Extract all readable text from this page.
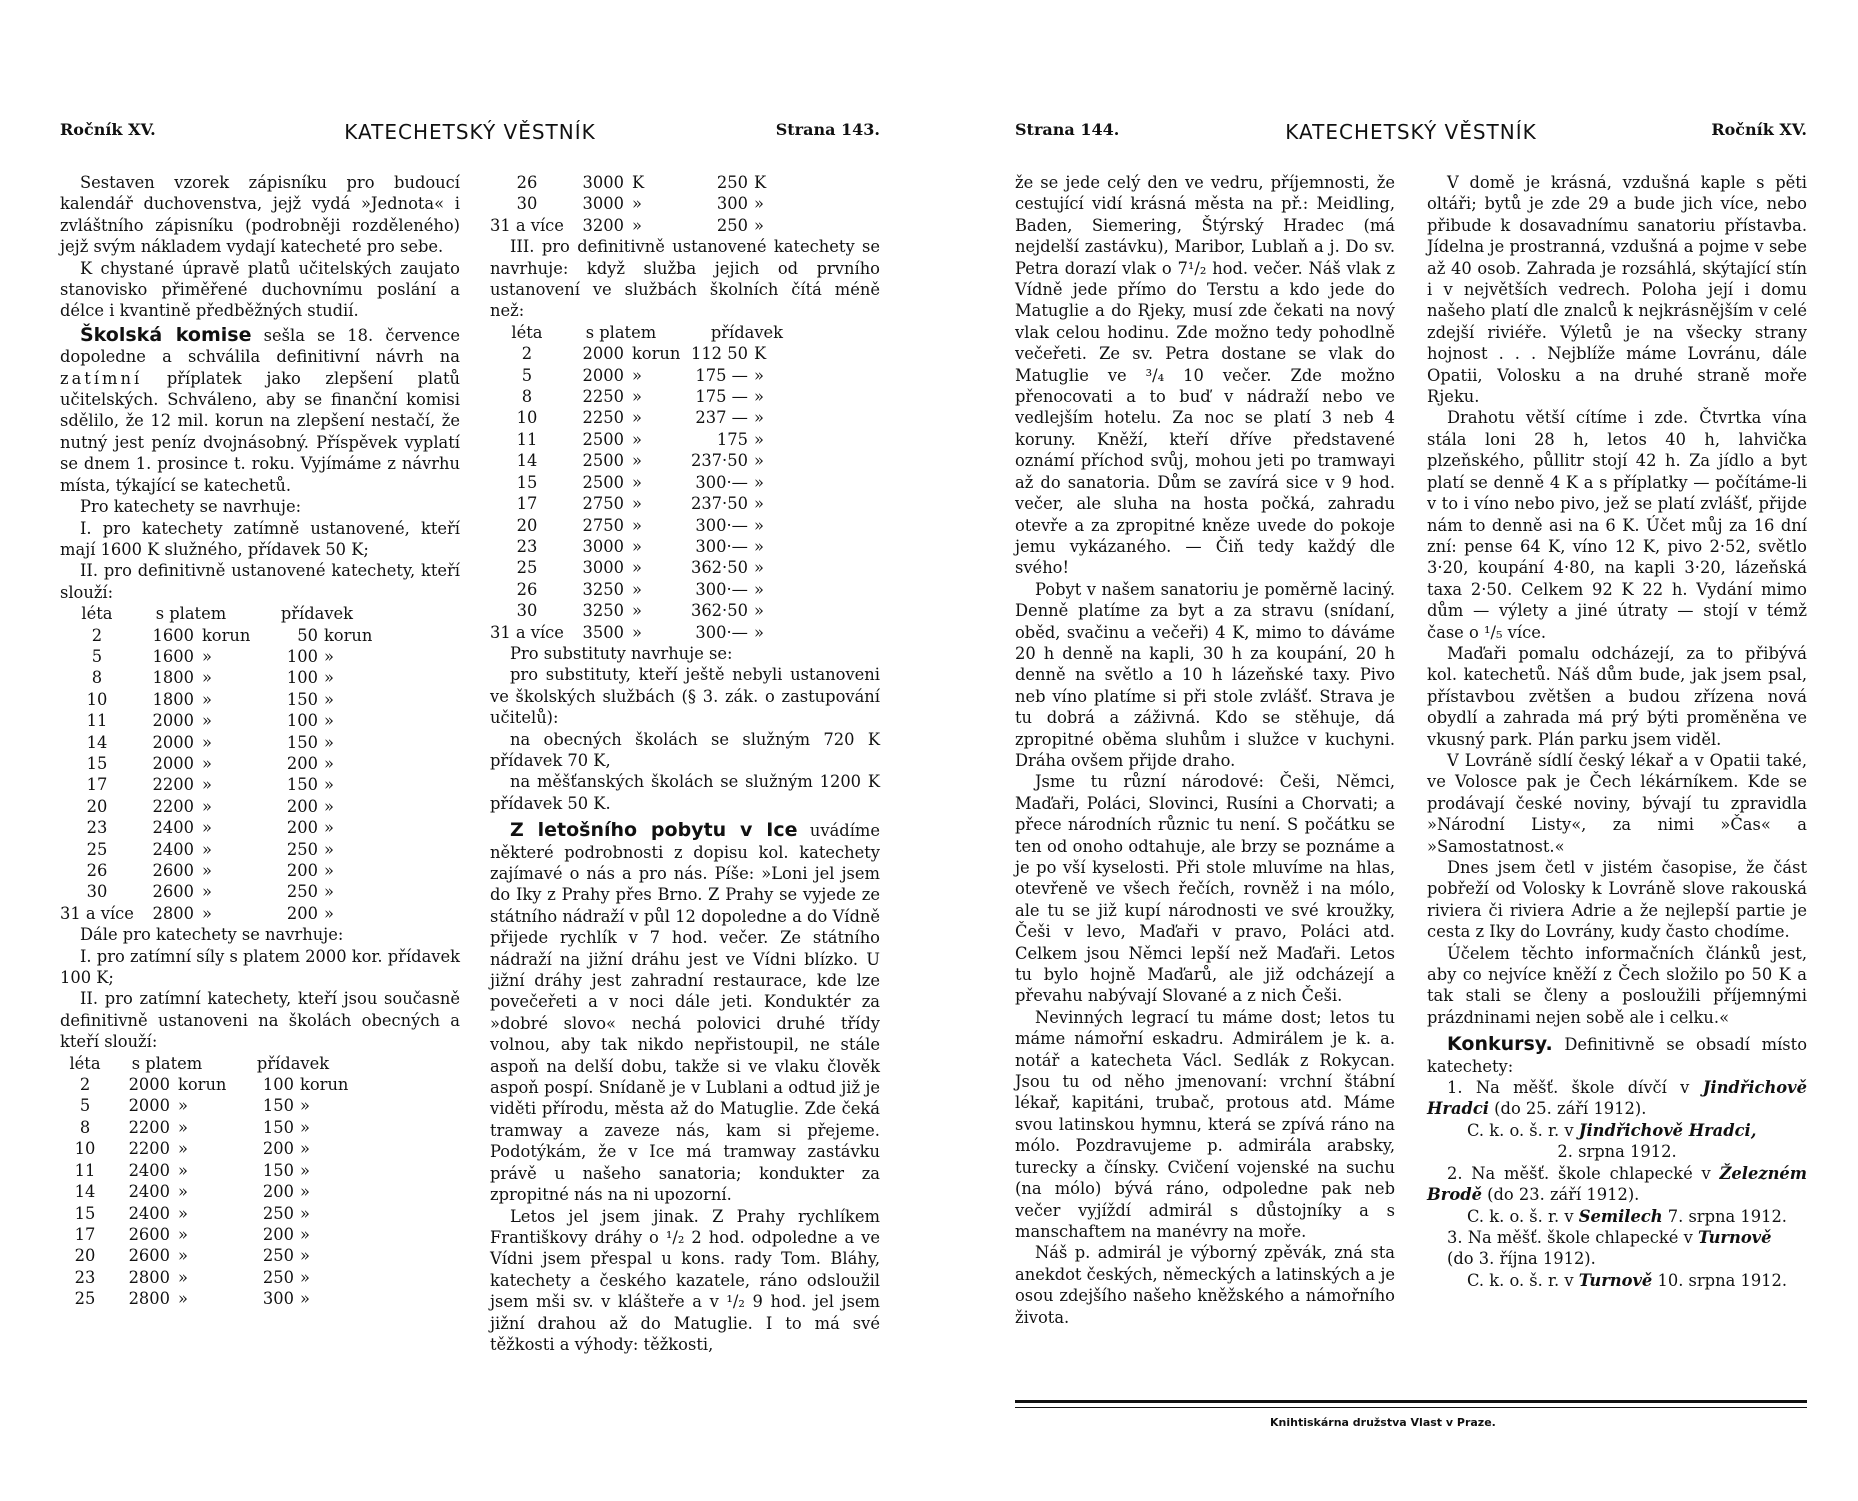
Ročník XV.	KATECHETSKÝ VĚSTNÍK	Strana 143.

Sestaven vzorek zápisníku pro budoucí kalendář duchovenstva, jejž vydá »Jednota« i zvláštního zápisníku (podrobněji rozděleného) jejž svým nákladem vydají katecheté pro sebe.

K chystané úpravě platů učitelských zaujato stanovisko přiměřené duchovnímu poslání a délce i kvantině předběžných studií.

Školská komise sešla se 18. července dopoledne a schválila definitivní návrh na zatímní příplatek jako zlepšení platů učitelských. Schváleno, aby se finanční komisi sdělilo, že 12 mil. korun na zlepšení nestačí, že nutný jest peníz dvojnásobný. Příspěvek vyplatí se dnem 1. prosince t. roku. Vyjímáme z návrhu místa, týkající se katechetů.

Pro katechety se navrhuje:

I. pro katechety zatímně ustanovené, kteří mají 1600 K služného, přídavek 50 K;

II. pro definitivně ustanovené katechety, kteří slouží:

léta	s platem		přídavek	
2	1600	korun	50	korun
5	1600	»	100	»
8	1800	»	100	»
10	1800	»	150	»
11	2000	»	100	»
14	2000	»	150	»
15	2000	»	200	»
17	2200	»	150	»
20	2200	»	200	»
23	2400	»	200	»
25	2400	»	250	»
26	2600	»	200	»
30	2600	»	250	»
31 a více	2800	»	200	»

Dále pro katechety se navrhuje:

I. pro zatímní síly s platem 2000 kor. přídavek 100 K;

II. pro zatímní katechety, kteří jsou současně definitivně ustanoveni na školách obecných a kteří slouží:

léta	s platem		přídavek	
2	2000	korun	100	korun
5	2000	»	150	»
8	2200	»	150	»
10	2200	»	200	»
11	2400	»	150	»
14	2400	»	200	»
15	2400	»	250	»
17	2600	»	200	»
20	2600	»	250	»
23	2800	»	250	»
25	2800	»	300	»
26	3000	K	250	K
30	3000	»	300	»
31 a více	3200	»	250	»

III. pro definitivně ustanovené katechety se navrhuje: když služba jejich od prvního ustanovení ve službách školních čítá méně než:

léta	s platem		přídavek	
2	2000	korun	112 50	K
5	2000	»	175 —	»
8	2250	»	175 —	»
10	2250	»	237 —	»
11	2500	»	175	»
14	2500	»	237·50	»
15	2500	»	300·—	»
17	2750	»	237·50	»
20	2750	»	300·—	»
23	3000	»	300·—	»
25	3000	»	362·50	»
26	3250	»	300·—	»
30	3250	»	362·50	»
31 a více	3500	»	300·—	»

Pro substituty navrhuje se:

pro substituty, kteří ještě nebyli ustanoveni ve školských službách (§ 3. zák. o zastupování učitelů):

na obecných školách se služným 720 K přídavek 70 K,

na měšťanských školách se služným 1200 K přídavek 50 K.

Z letošního pobytu v Ice uvádíme některé podrobnosti z dopisu kol. katechety zajímavé o nás a pro nás. Píše: »Loni jel jsem do Iky z Prahy přes Brno. Z Prahy se vyjede ze státního nádraží v půl 12 dopoledne a do Vídně přijede rychlík v 7 hod. večer. Ze státního nádraží na jižní dráhu jest ve Vídni blízko. U jižní dráhy jest zahradní restaurace, kde lze povečeřeti a v noci dále jeti. Konduktér za »dobré slovo« nechá polovici druhé třídy volnou, aby tak nikdo nepřistoupil, ne stále aspoň na delší dobu, takže si ve vlaku člověk aspoň pospí. Snídaně je v Lublani a odtud již je viděti přírodu, města až do Matuglie. Zde čeká tramway a zaveze nás, kam si přejeme. Podotýkám, že v Ice má tramway zastávku právě u našeho sanatoria; kondukter za zpropitné nás na ni upozorní.

Letos jel jsem jinak. Z Prahy rychlíkem Františkovy dráhy o ¹/₂ 2 hod. odpoledne a ve Vídni jsem přespal u kons. rady Tom. Bláhy, katechety a českého kazatele, ráno odsloužil jsem mši sv. v klášteře a v ¹/₂ 9 hod. jel jsem jižní drahou až do Matuglie. I to má své těžkosti a výhody: těžkosti,

Strana 144.	KATECHETSKÝ VĚSTNÍK	Ročník XV.

že se jede celý den ve vedru, příjemnosti, že cestující vidí krásná města na př.: Meidling, Baden, Siemering, Štýrský Hradec (má nejdelší zastávku), Maribor, Lublaň a j. Do sv. Petra dorazí vlak o 7¹/₂ hod. večer. Náš vlak z Vídně jede přímo do Terstu a kdo jede do Matuglie a do Rjeky, musí zde čekati na nový vlak celou hodinu. Zde možno tedy pohodlně večeřeti. Ze sv. Petra dostane se vlak do Matuglie ve ³/₄ 10 večer. Zde možno přenocovati a to buď v nádraží nebo ve vedlejším hotelu. Za noc se platí 3 neb 4 koruny. Kněží, kteří dříve představené oznámí příchod svůj, mohou jeti po tramwayi až do sanatoria. Dům se zavírá sice v 9 hod. večer, ale sluha na hosta počká, zahradu otevře a za zpropitné kněze uvede do pokoje jemu vykázaného. — Čiň tedy každý dle svého!

Pobyt v našem sanatoriu je poměrně laciný. Denně platíme za byt a za stravu (snídaní, oběd, svačinu a večeři) 4 K, mimo to dáváme 20 h denně na kapli, 30 h za koupání, 20 h denně na světlo a 10 h lázeňské taxy. Pivo neb víno platíme si při stole zvlášť. Strava je tu dobrá a záživná. Kdo se stěhuje, dá zpropitné oběma sluhům i služce v kuchyni. Dráha ovšem přijde draho.

Jsme tu různí národové: Češi, Němci, Maďaři, Poláci, Slovinci, Rusíni a Chorvati; a přece národních různic tu není. S počátku se ten od onoho odtahuje, ale brzy se poznáme a je po vší kyselosti. Při stole mluvíme na hlas, otevřeně ve všech řečích, rovněž i na mólo, ale tu se již kupí národnosti ve své kroužky, Češi v levo, Maďaři v pravo, Poláci atd. Celkem jsou Němci lepší než Maďaři. Letos tu bylo hojně Maďarů, ale již odcházejí a převahu nabývají Slované a z nich Češi.

Nevinných legrací tu máme dost; letos tu máme námořní eskadru. Admirálem je k. a. notář a katecheta Václ. Sedlák z Rokycan. Jsou tu od něho jmenovaní: vrchní štábní lékař, kapitáni, trubač, protous atd. Máme svou latinskou hymnu, která se zpívá ráno na mólo. Pozdravujeme p. admirála arabsky, turecky a čínsky. Cvičení vojenské na suchu (na mólo) bývá ráno, odpoledne pak neb večer vyjíždí admirál s důstojníky a s manschaftem na manévry na moře.

Náš p. admirál je výborný zpěvák, zná sta anekdot českých, německých a latinských a je osou zdejšího našeho kněžského a námořního života.

V domě je krásná, vzdušná kaple s pěti oltáři; bytů je zde 29 a bude jich více, nebo přibude k dosavadnímu sanatoriu přístavba. Jídelna je prostranná, vzdušná a pojme v sebe až 40 osob. Zahrada je rozsáhlá, skýtající stín i v největších vedrech. Poloha její i domu našeho platí dle znalců k nejkrásnějším v celé zdejší riviéře. Výletů je na všecky strany hojnost . . . Nejblíže máme Lovránu, dále Opatii, Volosku a na druhé straně moře Rjeku.

Drahotu větší cítíme i zde. Čtvrtka vína stála loni 28 h, letos 40 h, lahvička plzeňského, půllitr stojí 42 h. Za jídlo a byt platí se denně 4 K a s příplatky — počítáme-li v to i víno nebo pivo, jež se platí zvlášť, přijde nám to denně asi na 6 K. Účet můj za 16 dní zní: pense 64 K, víno 12 K, pivo 2·52, světlo 3·20, koupání 4·80, na kapli 3·20, lázeňská taxa 2·50. Celkem 92 K 22 h. Vydání mimo dům — výlety a jiné útraty — stojí v témž čase o ¹/₅ více.

Maďaři pomalu odcházejí, za to přibývá kol. katechetů. Náš dům bude, jak jsem psal, přístavbou zvětšen a budou zřízena nová obydlí a zahrada má prý býti proměněna ve vkusný park. Plán parku jsem viděl.

V Lovráně sídlí český lékař a v Opatii také, ve Volosce pak je Čech lékárníkem. Kde se prodávají české noviny, bývají tu zpravidla »Národní Listy«, za nimi »Čas« a »Samostatnost.«

Dnes jsem četl v jistém časopise, že část pobřeží od Volosky k Lovráně slove rakouská riviera či riviera Adrie a že nejlepší partie je cesta z Iky do Lovrány, kudy často chodíme.

Účelem těchto informačních článků jest, aby co nejvíce kněží z Čech složilo po 50 K a tak stali se členy a posloužili příjemnými prázdninami nejen sobě ale i celku.«

Konkursy. Definitivně se obsadí místo katechety:

1. Na měšť. škole dívčí v Jindřichově Hradci (do 25. září 1912).

C. k. o. š. r. v Jindřichově Hradci,

2. srpna 1912.

2. Na měšť. škole chlapecké v Železném Brodě (do 23. září 1912).

C. k. o. š. r. v Semilech 7. srpna 1912.

3. Na měšť. škole chlapecké v Turnově

(do 3. října 1912).

C. k. o. š. r. v Turnově 10. srpna 1912.

Knihtiskárna družstva Vlast v Praze.
